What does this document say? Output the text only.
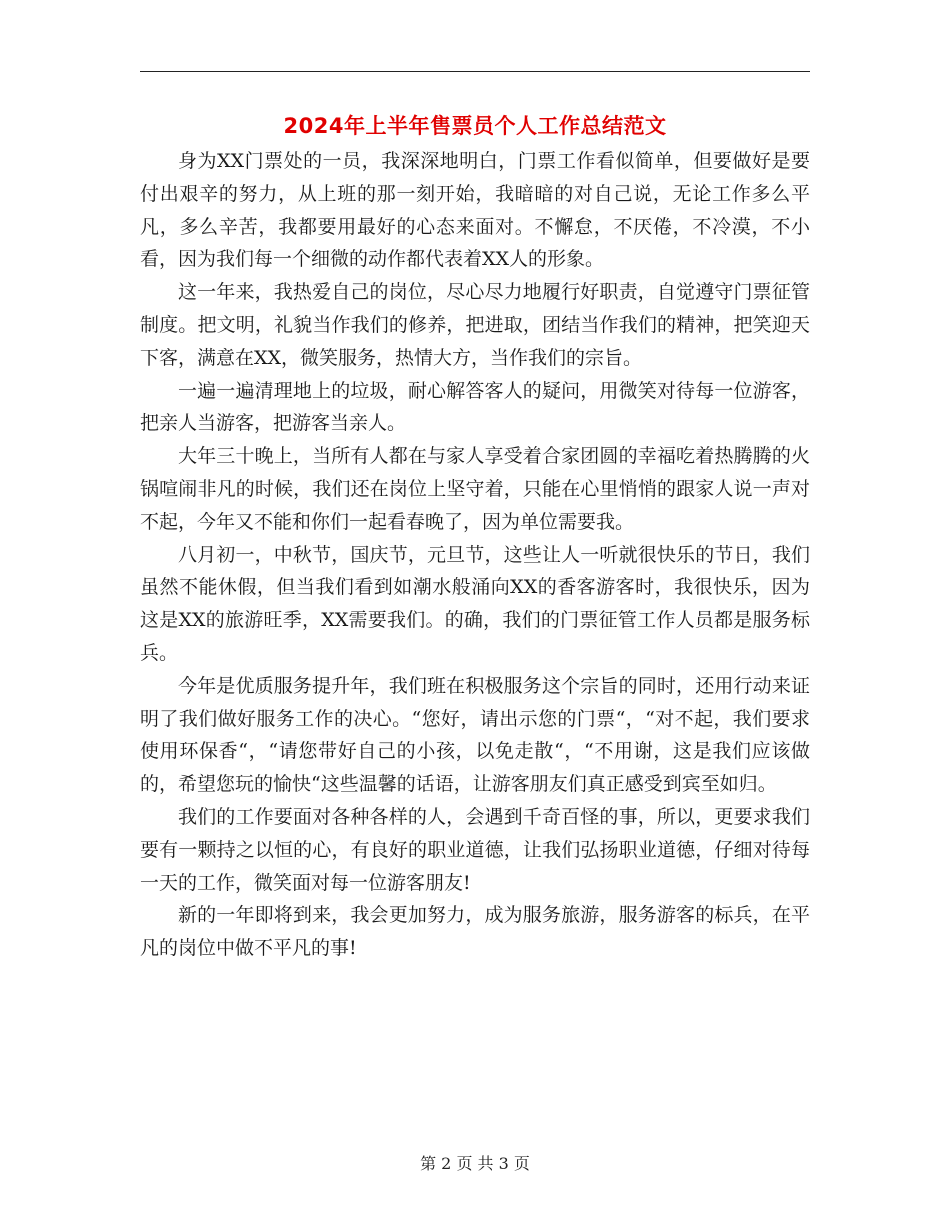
2024年上半年售票员个人工作总结范文

身为XX门票处的一员，我深深地明白，门票工作看似简单，但要做好是要付出艰辛的努力，从上班的那一刻开始，我暗暗的对自己说，无论工作多么平凡，多么辛苦，我都要用最好的心态来面对。不懈怠，不厌倦，不冷漠，不小看，因为我们每一个细微的动作都代表着XX人的形象。

这一年来，我热爱自己的岗位，尽心尽力地履行好职责，自觉遵守门票征管制度。把文明，礼貌当作我们的修养，把进取，团结当作我们的精神，把笑迎天下客，满意在XX，微笑服务，热情大方，当作我们的宗旨。

一遍一遍清理地上的垃圾，耐心解答客人的疑问，用微笑对待每一位游客，把亲人当游客，把游客当亲人。

大年三十晚上，当所有人都在与家人享受着合家团圆的幸福吃着热腾腾的火锅喧闹非凡的时候，我们还在岗位上坚守着，只能在心里悄悄的跟家人说一声对不起，今年又不能和你们一起看春晚了，因为单位需要我。

八月初一，中秋节，国庆节，元旦节，这些让人一听就很快乐的节日，我们虽然不能休假，但当我们看到如潮水般涌向XX的香客游客时，我很快乐，因为这是XX的旅游旺季，XX需要我们。的确，我们的门票征管工作人员都是服务标兵。

今年是优质服务提升年，我们班在积极服务这个宗旨的同时，还用行动来证明了我们做好服务工作的决心。“您好，请出示您的门票“，“对不起，我们要求使用环保香“，“请您带好自己的小孩，以免走散“，“不用谢，这是我们应该做的，希望您玩的愉快“这些温馨的话语，让游客朋友们真正感受到宾至如归。

我们的工作要面对各种各样的人，会遇到千奇百怪的事，所以，更要求我们要有一颗持之以恒的心，有良好的职业道德，让我们弘扬职业道德，仔细对待每一天的工作，微笑面对每一位游客朋友!

新的一年即将到来，我会更加努力，成为服务旅游，服务游客的标兵，在平凡的岗位中做不平凡的事!

第 2 页 共 3 页
